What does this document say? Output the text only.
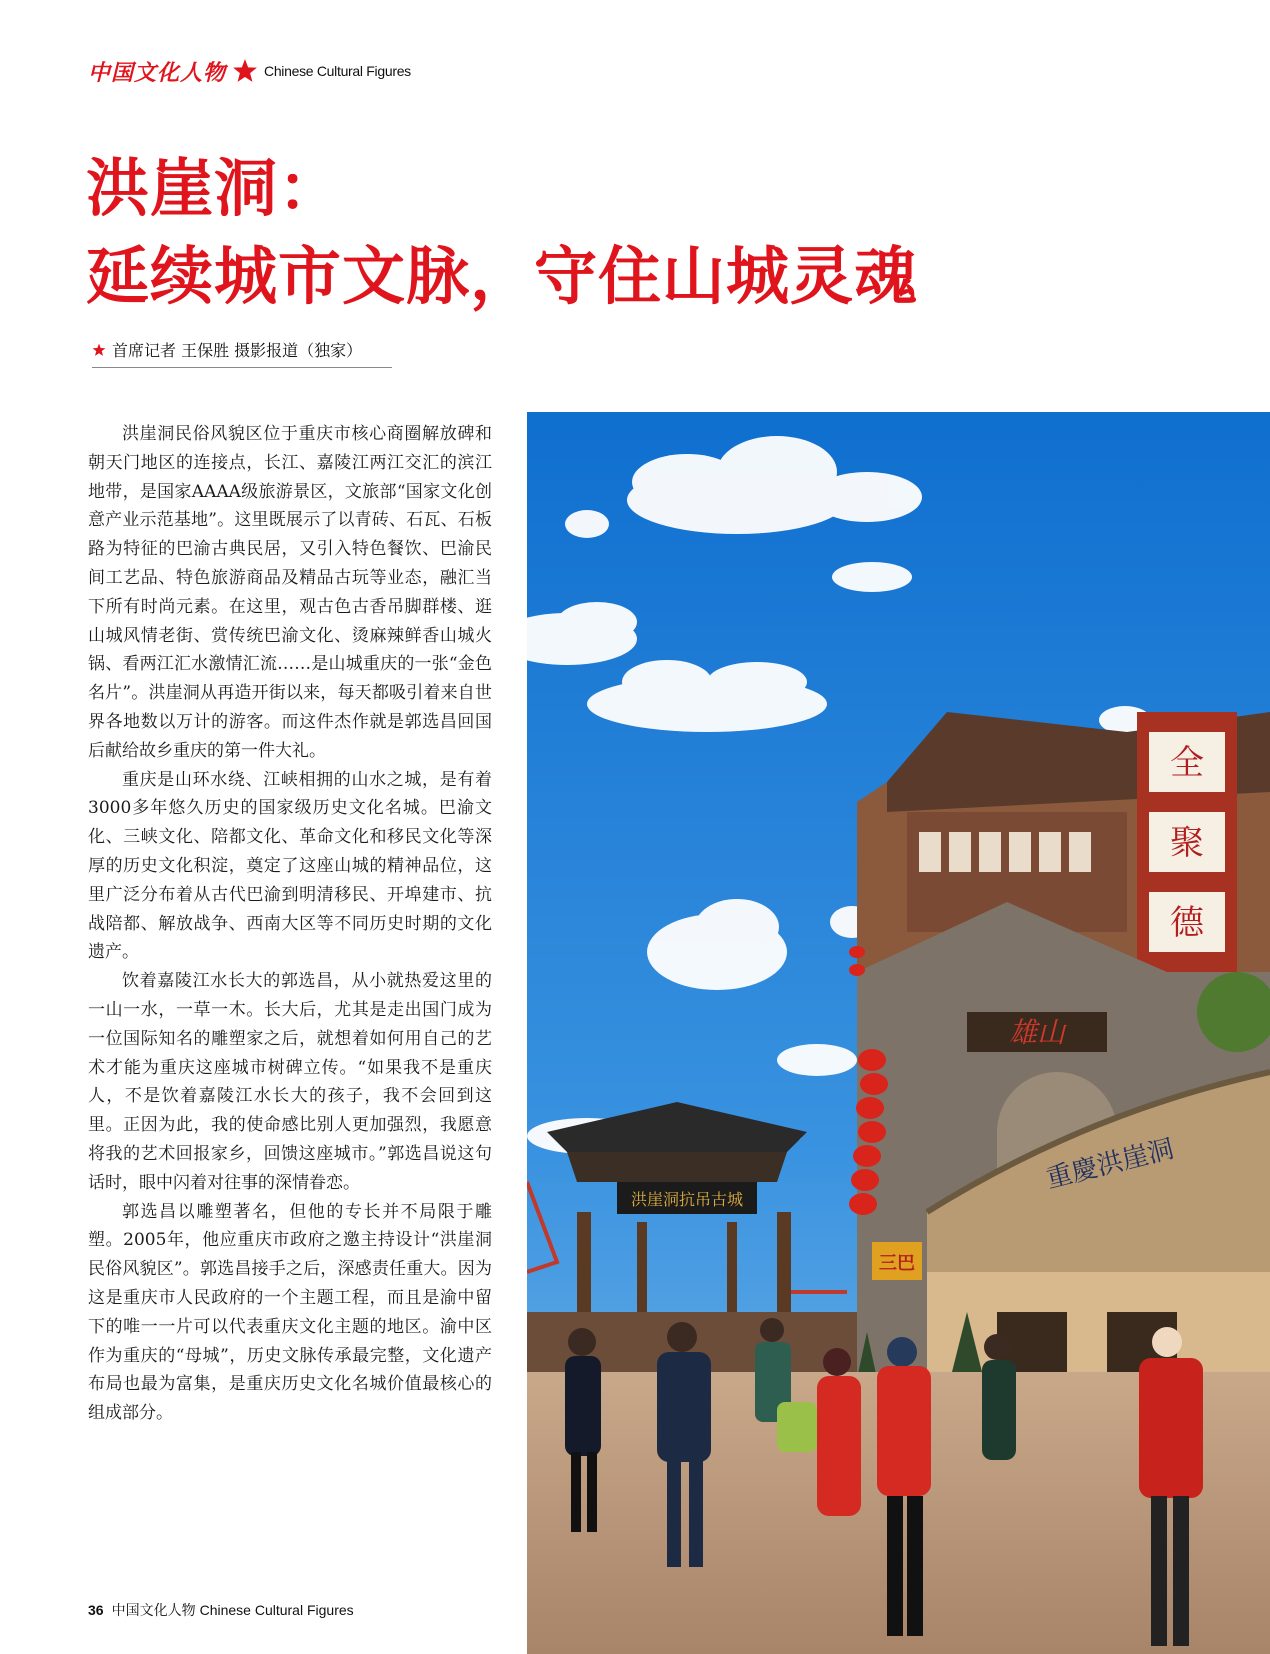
中国文化人物	Chinese Cultural Figures
洪崖洞：
延续城市文脉，守住山城灵魂
首席记者 王保胜 摄影报道（独家）

洪崖洞民俗风貌区位于重庆市核心商圈解放碑和朝天门地区的连接点，长江、嘉陵江两江交汇的滨江地带，是国家AAAA级旅游景区，文旅部“国家文化创意产业示范基地”。这里既展示了以青砖、石瓦、石板路为特征的巴渝古典民居，又引入特色餐饮、巴渝民间工艺品、特色旅游商品及精品古玩等业态，融汇当下所有时尚元素。在这里，观古色古香吊脚群楼、逛山城风情老街、赏传统巴渝文化、烫麻辣鲜香山城火锅、看两江汇水激情汇流……是山城重庆的一张“金色名片”。洪崖洞从再造开街以来，每天都吸引着来自世界各地数以万计的游客。而这件杰作就是郭选昌回国后献给故乡重庆的第一件大礼。

重庆是山环水绕、江峡相拥的山水之城，是有着3000多年悠久历史的国家级历史文化名城。巴渝文化、三峡文化、陪都文化、革命文化和移民文化等深厚的历史文化积淀，奠定了这座山城的精神品位，这里广泛分布着从古代巴渝到明清移民、开埠建市、抗战陪都、解放战争、西南大区等不同历史时期的文化遗产。

饮着嘉陵江水长大的郭选昌，从小就热爱这里的一山一水，一草一木。长大后，尤其是走出国门成为一位国际知名的雕塑家之后，就想着如何用自己的艺术才能为重庆这座城市树碑立传。“如果我不是重庆人，不是饮着嘉陵江水长大的孩子，我不会回到这里。正因为此，我的使命感比别人更加强烈，我愿意将我的艺术回报家乡，回馈这座城市。”郭选昌说这句话时，眼中闪着对往事的深情眷恋。

郭选昌以雕塑著名，但他的专长并不局限于雕塑。2005年，他应重庆市政府之邀主持设计“洪崖洞民俗风貌区”。郭选昌接手之后，深感责任重大。因为这是重庆市人民政府的一个主题工程，而且是渝中留下的唯一一片可以代表重庆文化主题的地区。渝中区作为重庆的“母城”，历史文脉传承最完整，文化遗产布局也最为富集，是重庆历史文化名城价值最核心的组成部分。

全
聚
德
雄山
重慶洪崖洞
三巴
洪崖洞抗吊古城
36 中国文化人物 Chinese Cultural Figures
